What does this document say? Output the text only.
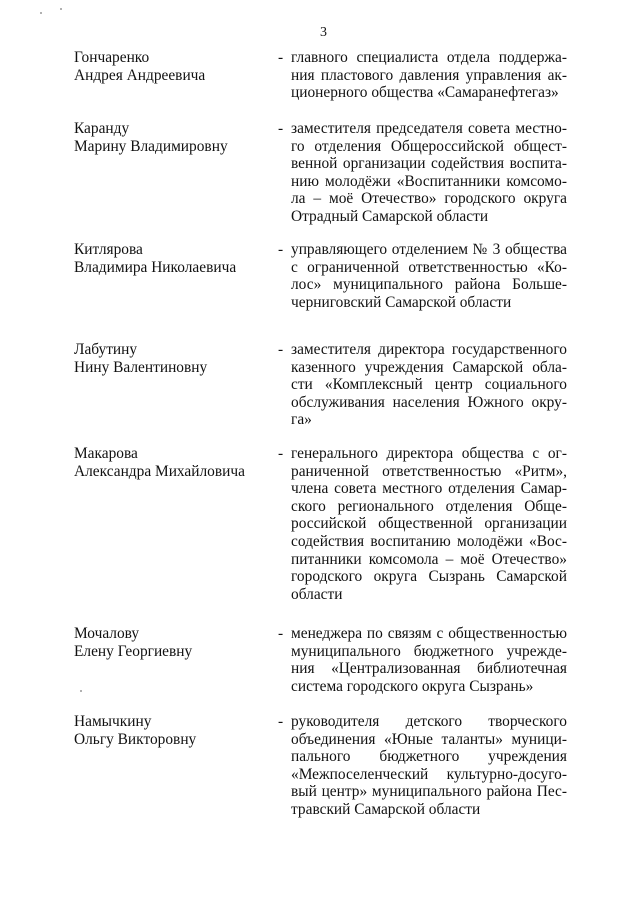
3
Гончаренко
Андрея Андреевича
- главного специалиста отдела поддержа-
ния пластового давления управления ак-
ционерного общества «Самаранефтегаз»
Каранду
Марину Владимировну
- заместителя председателя совета местно-
го отделения Общероссийской общест-
венной организации содействия воспита-
нию молодёжи «Воспитанники комсомо-
ла – моё Отечество» городского округа
Отрадный Самарской области
Китлярова
Владимира Николаевича
- управляющего отделением № 3 общества
с ограниченной ответственностью «Ко-
лос» муниципального района Больше-
черниговский Самарской области
Лабутину
Нину Валентиновну
- заместителя директора государственного
казенного учреждения Самарской обла-
сти «Комплексный центр социального
обслуживания населения Южного окру-
га»
Макарова
Александра Михайловича
- генерального директора общества с ог-
раниченной ответственностью «Ритм»,
члена совета местного отделения Самар-
ского регионального отделения Обще-
российской общественной организации
содействия воспитанию молодёжи «Вос-
питанники комсомола – моё Отечество»
городского округа Сызрань Самарской
области
Мочалову
Елену Георгиевну
- менеджера по связям с общественностью
муниципального бюджетного учрежде-
ния «Централизованная библиотечная
система городского округа Сызрань»
Намычкину
Ольгу Викторовну
- руководителя детского творческого
объединения «Юные таланты» муници-
пального бюджетного учреждения
«Межпоселенческий культурно-досуго-
вый центр» муниципального района Пес-
травский Самарской области
